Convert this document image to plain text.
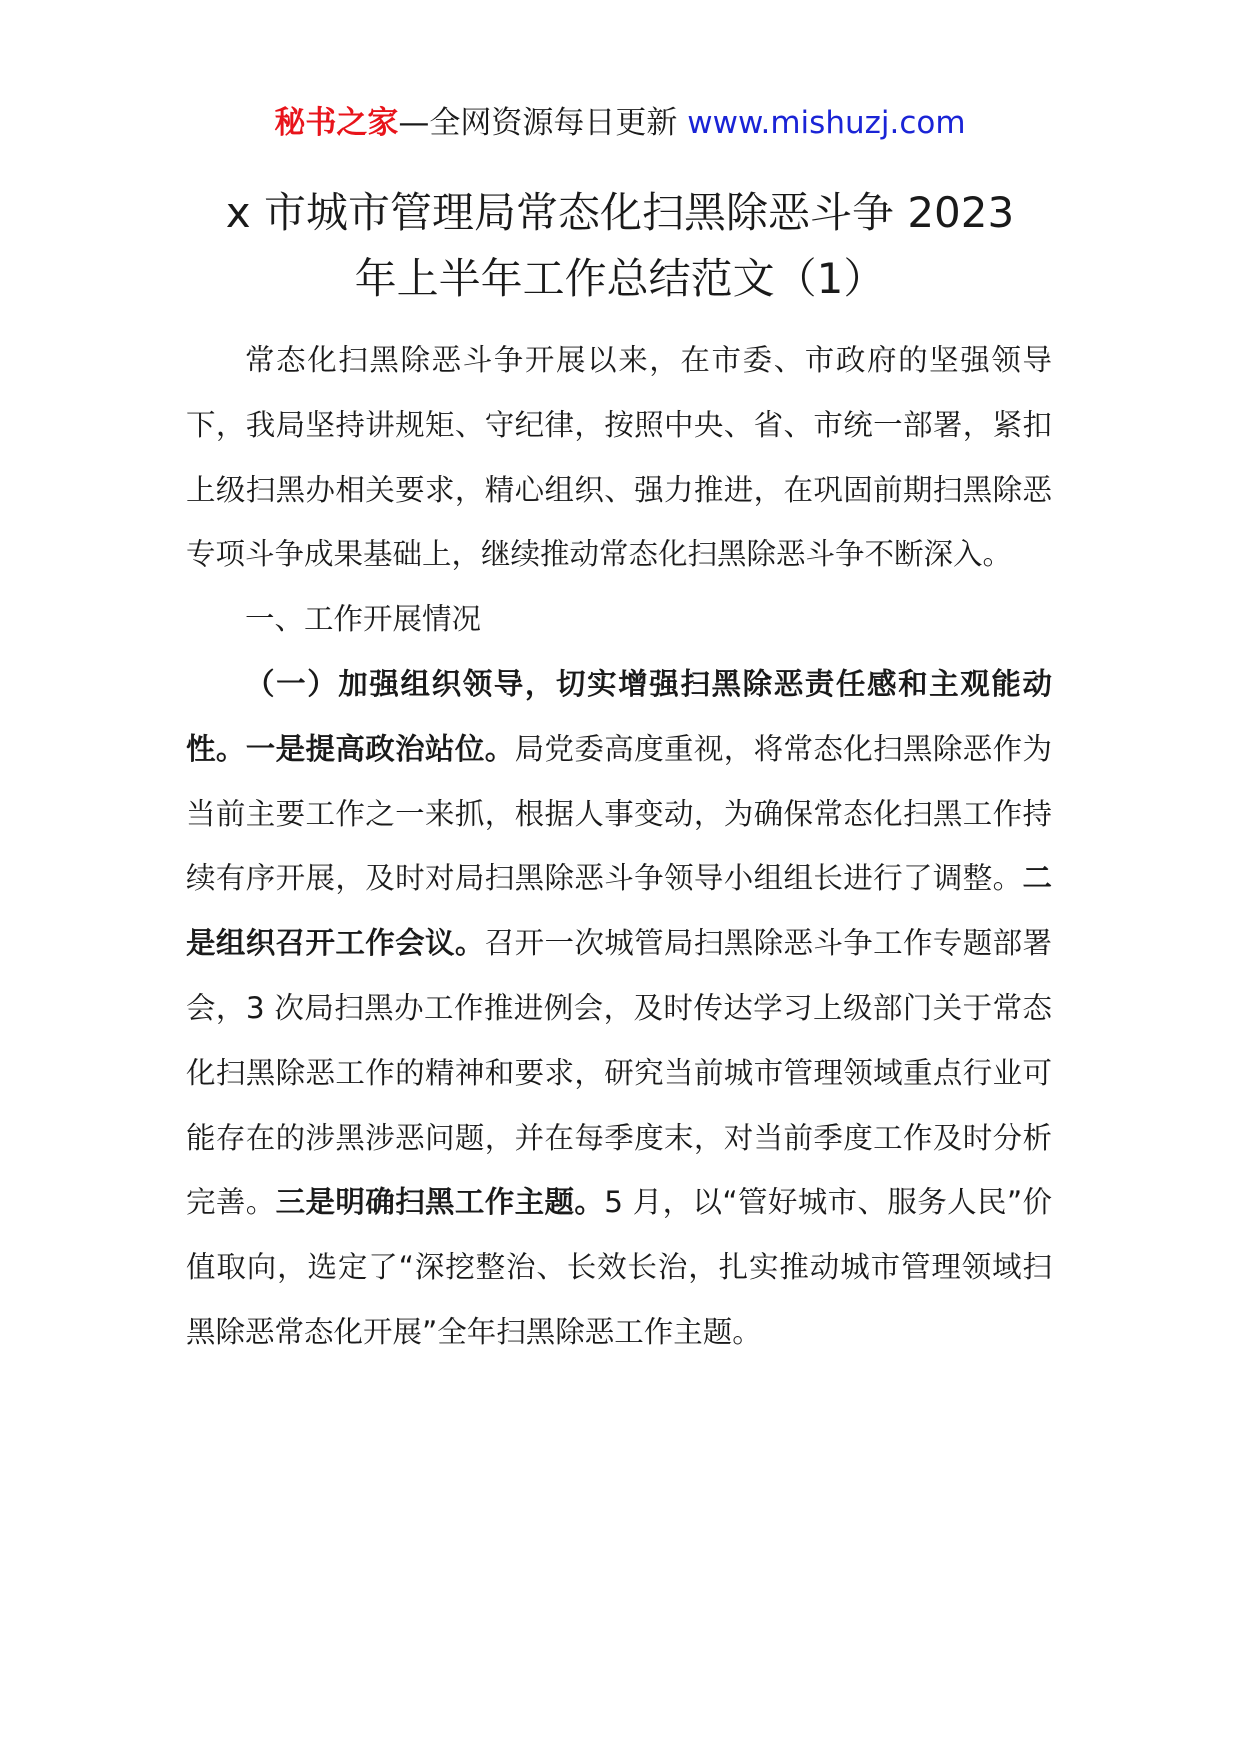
秘书之家—全网资源每日更新 www.mishuzj.com
x 市城市管理局常态化扫黑除恶斗争 2023
年上半年工作总结范文（1）

常态化扫黑除恶斗争开展以来，在市委、市政府的坚强领导下，我局坚持讲规矩、守纪律，按照中央、省、市统一部署，紧扣上级扫黑办相关要求，精心组织、强力推进，在巩固前期扫黑除恶专项斗争成果基础上，继续推动常态化扫黑除恶斗争不断深入。

一、工作开展情况

（一）加强组织领导，切实增强扫黑除恶责任感和主观能动性。一是提高政治站位。局党委高度重视，将常态化扫黑除恶作为当前主要工作之一来抓，根据人事变动，为确保常态化扫黑工作持续有序开展，及时对局扫黑除恶斗争领导小组组长进行了调整。二是组织召开工作会议。召开一次城管局扫黑除恶斗争工作专题部署会，3 次局扫黑办工作推进例会，及时传达学习上级部门关于常态化扫黑除恶工作的精神和要求，研究当前城市管理领域重点行业可能存在的涉黑涉恶问题，并在每季度末，对当前季度工作及时分析完善。三是明确扫黑工作主题。5 月，以“管好城市、服务人民”价值取向，选定了“深挖整治、长效长治，扎实推动城市管理领域扫黑除恶常态化开展”全年扫黑除恶工作主题。
